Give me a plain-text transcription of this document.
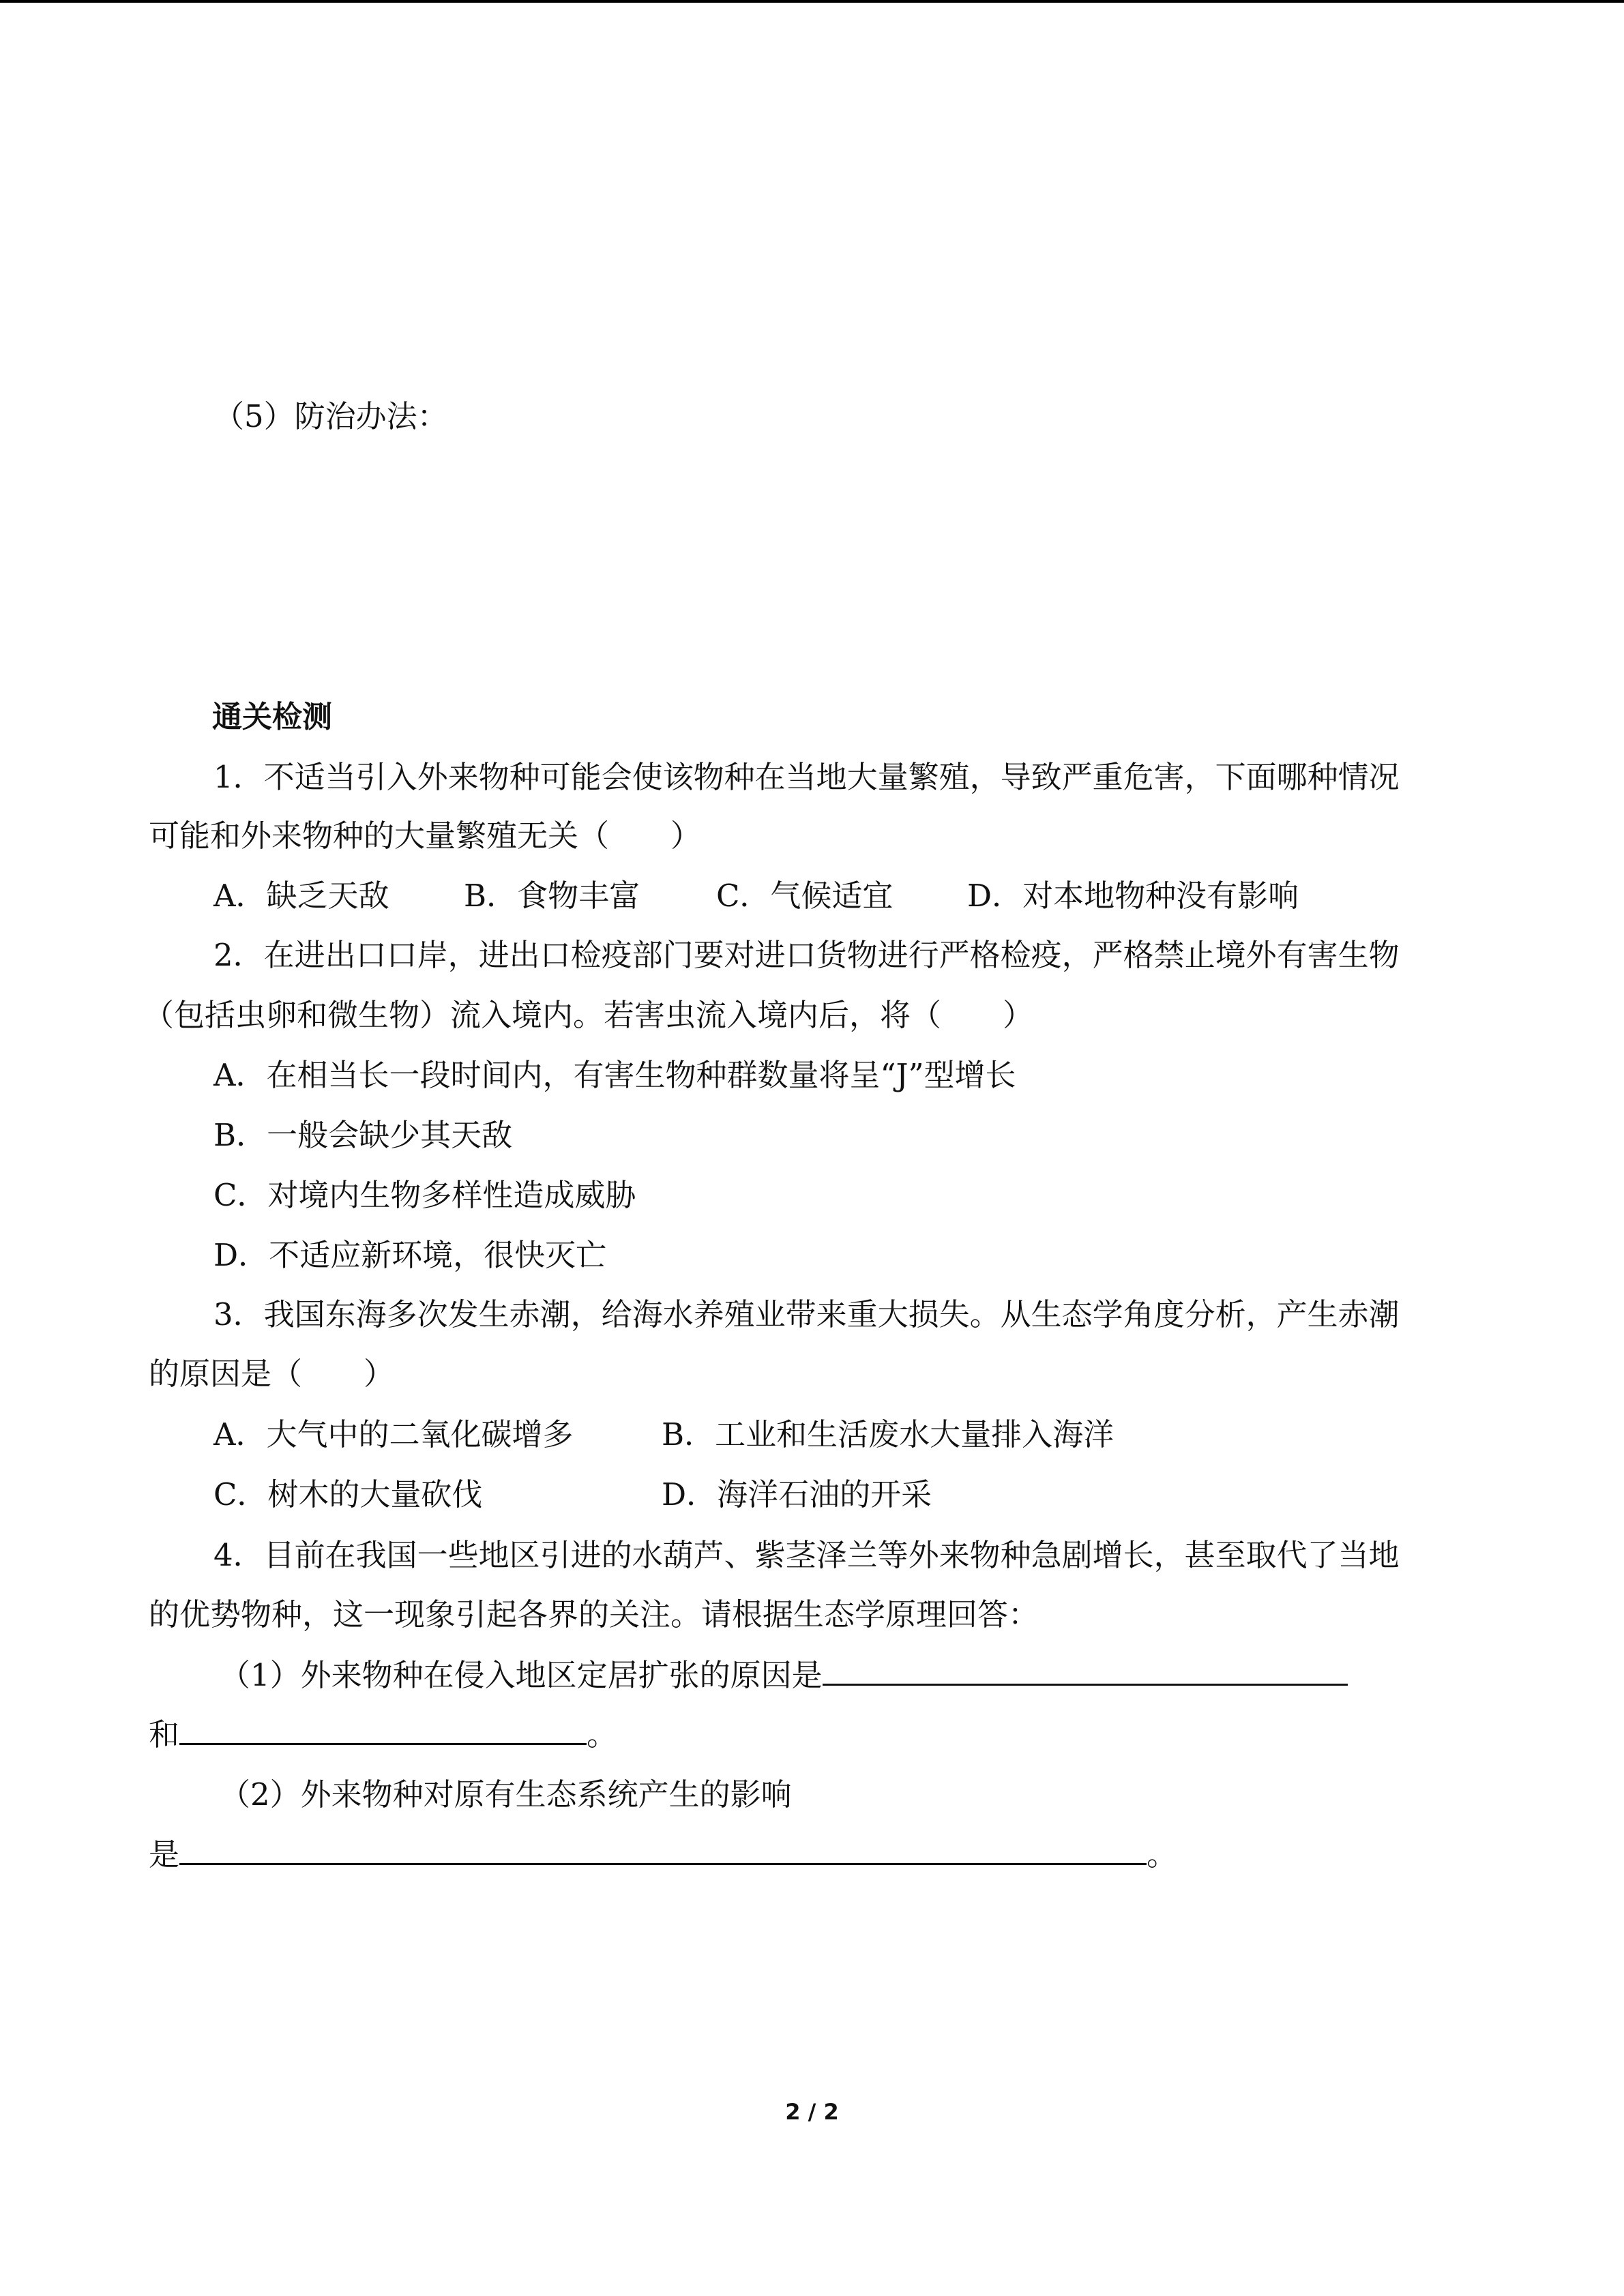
（5）防治办法：
通关检测
1．不适当引入外来物种可能会使该物种在当地大量繁殖，导致严重危害，下面哪种情况
可能和外来物种的大量繁殖无关（　　）
A．缺乏天敌 B．食物丰富 C．气候适宜 D．对本地物种没有影响
2．在进出口口岸，进出口检疫部门要对进口货物进行严格检疫，严格禁止境外有害生物
（包括虫卵和微生物）流入境内。若害虫流入境内后，将（　　）
A．在相当长一段时间内，有害生物种群数量将呈“J”型增长
B．一般会缺少其天敌
C．对境内生物多样性造成威胁
D．不适应新环境，很快灭亡
3．我国东海多次发生赤潮，给海水养殖业带来重大损失。从生态学角度分析，产生赤潮
的原因是（　　）
A．大气中的二氧化碳增多	B．工业和生活废水大量排入海洋
C．树木的大量砍伐	D．海洋石油的开采
4．目前在我国一些地区引进的水葫芦、紫茎泽兰等外来物种急剧增长，甚至取代了当地
的优势物种，这一现象引起各界的关注。请根据生态学原理回答：
（1）外来物种在侵入地区定居扩张的原因是
和	。
（2）外来物种对原有生态系统产生的影响
是	。
2 / 2
